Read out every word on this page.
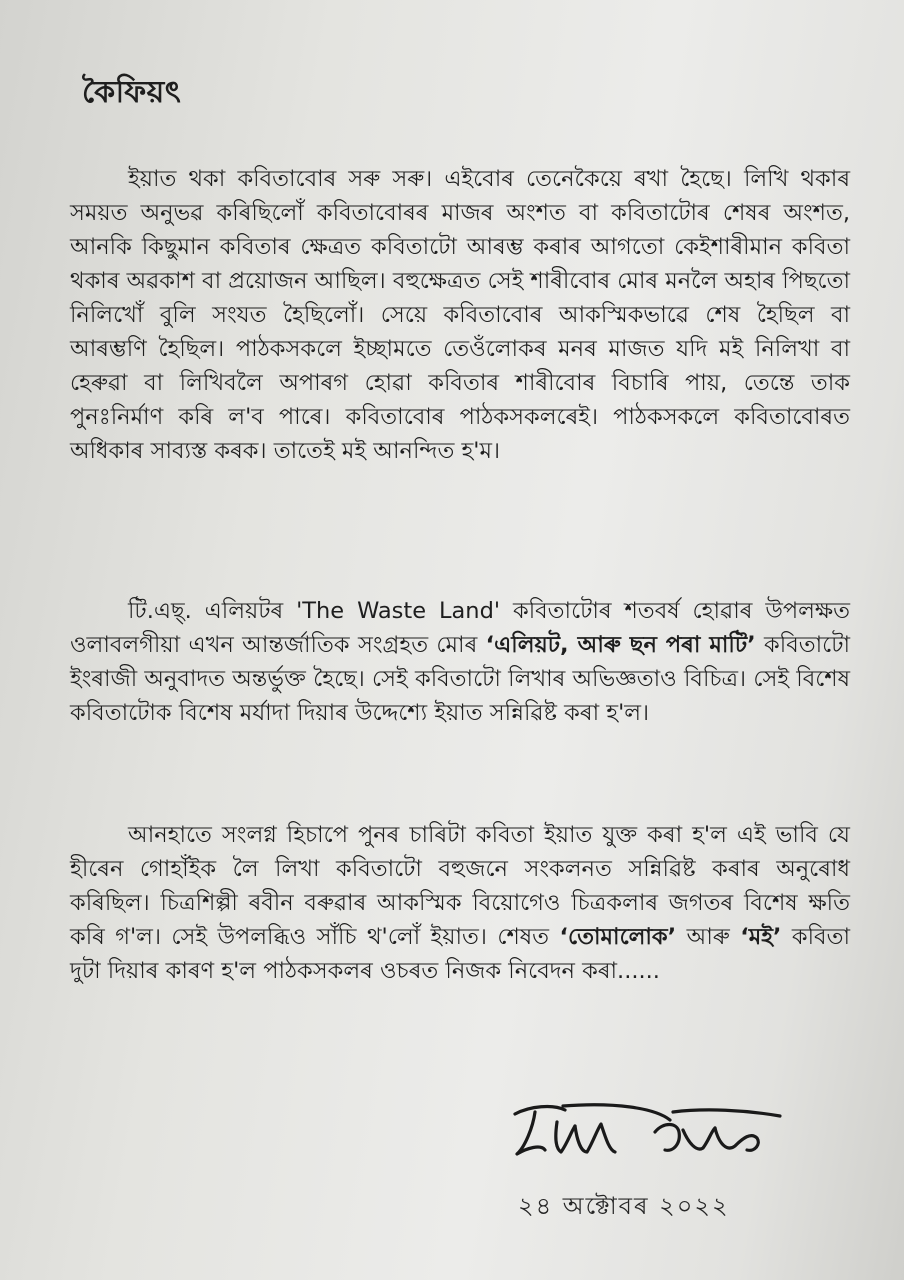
কৈফিয়ৎ

ইয়াত থকা কবিতাবোৰ সৰু সৰু। এইবোৰ তেনেকৈয়ে ৰখা হৈছে। লিখি থকাৰ সময়ত অনুভৱ কৰিছিলোঁ কবিতাবোৰৰ মাজৰ অংশত বা কবিতাটোৰ শেষৰ অংশত, আনকি কিছুমান কবিতাৰ ক্ষেত্ৰত কবিতাটো আৰম্ভ কৰাৰ আগতো কেইশাৰীমান কবিতা থকাৰ অৱকাশ বা প্ৰয়োজন আছিল। বহুক্ষেত্ৰত সেই শাৰীবোৰ মোৰ মনলৈ অহাৰ পিছতো নিলিখোঁ বুলি সংযত হৈছিলোঁ। সেয়ে কবিতাবোৰ আকস্মিকভাৱে শেষ হৈছিল বা আৰম্ভণি হৈছিল। পাঠকসকলে ইচ্ছামতে তেওঁলোকৰ মনৰ মাজত যদি মই নিলিখা বা হেৰুৱা বা লিখিবলৈ অপাৰগ হোৱা কবিতাৰ শাৰীবোৰ বিচাৰি পায়, তেন্তে তাক পুনঃনিৰ্মাণ কৰি ল'ব পাৰে। কবিতাবোৰ পাঠকসকলৰেই। পাঠকসকলে কবিতাবোৰত অধিকাৰ সাব্যস্ত কৰক। তাতেই মই আনন্দিত হ'ম।

টি.এছ্. এলিয়টৰ 'The Waste Land' কবিতাটোৰ শতবৰ্ষ হোৱাৰ উপলক্ষত ওলাবলগীয়া এখন আন্তৰ্জাতিক সংগ্ৰহত মোৰ ‘এলিয়ট, আৰু ছন পৰা মাটি’ কবিতাটো ইংৰাজী অনুবাদত অন্তৰ্ভুক্ত হৈছে। সেই কবিতাটো লিখাৰ অভিজ্ঞতাও বিচিত্ৰ। সেই বিশেষ কবিতাটোক বিশেষ মৰ্যাদা দিয়াৰ উদ্দেশ্যে ইয়াত সন্নিৱিষ্ট কৰা হ'ল।

আনহাতে সংলগ্ন হিচাপে পুনৰ চাৰিটা কবিতা ইয়াত যুক্ত কৰা হ'ল এই ভাবি যে হীৰেন গোহাঁইক লৈ লিখা কবিতাটো বহুজনে সংকলনত সন্নিৱিষ্ট কৰাৰ অনুৰোধ কৰিছিল। চিত্ৰশিল্পী ৰবীন বৰুৱাৰ আকস্মিক বিয়োগেও চিত্ৰকলাৰ জগতৰ বিশেষ ক্ষতি কৰি গ'ল। সেই উপলব্ধিও সাঁচি থ'লোঁ ইয়াত। শেষত ‘তোমালোক’ আৰু ‘মই’ কবিতা দুটা দিয়াৰ কাৰণ হ'ল পাঠকসকলৰ ওচৰত নিজক নিবেদন কৰা......

২৪ অক্টোবৰ ২০২২
